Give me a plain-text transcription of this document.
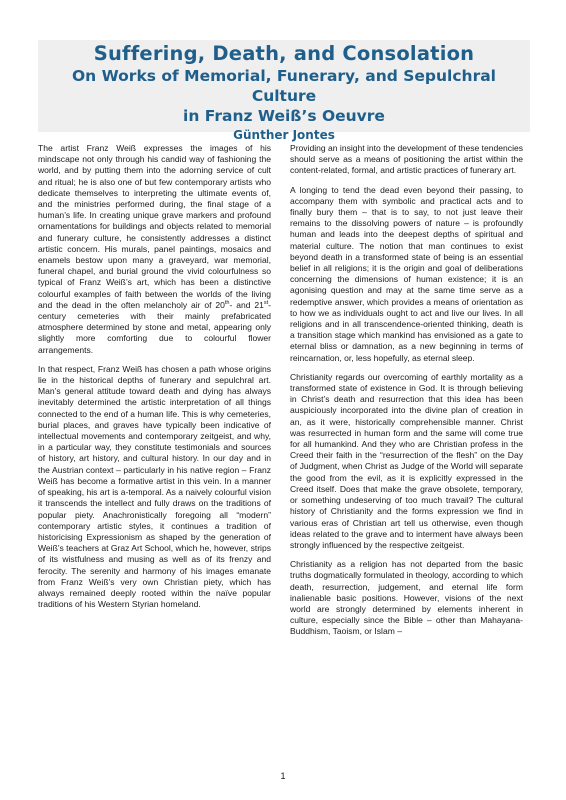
Suffering, Death, and Consolation
On Works of Memorial, Funerary, and Sepulchral Culture
in Franz Weiß’s Oeuvre
Günther Jontes

The artist Franz Weiß expresses the images of his mindscape not only through his candid way of fashioning the world, and by putting them into the adorning service of cult and ritual; he is also one of but few contemporary artists who dedicate themselves to interpreting the ultimate events of, and the ministries performed during, the final stage of a human’s life. In creating unique grave markers and profound ornamentations for buildings and objects related to memorial and funerary culture, he consistently addresses a distinct artistic concern. His murals, panel paintings, mosaics and enamels bestow upon many a graveyard, war memorial, funeral chapel, and burial ground the vivid colourfulness so typical of Franz Weiß’s art, which has been a distinctive colourful examples of faith between the worlds of the living and the dead in the often melancholy air of 20th- and 21st-century cemeteries with their mainly prefabricated atmosphere determined by stone and metal, appearing only slightly more comforting due to colourful flower arrangements.

In that respect, Franz Weiß has chosen a path whose origins lie in the historical depths of funerary and sepulchral art. Man’s general attitude toward death and dying has always inevitably determined the artistic interpretation of all things connected to the end of a human life. This is why cemeteries, burial places, and graves have typically been indicative of intellectual movements and contemporary zeitgeist, and why, in a particular way, they constitute testimonials and sources of history, art history, and cultural history. In our day and in the Austrian context – particularly in his native region – Franz Weiß has become a formative artist in this vein. In a manner of speaking, his art is a-temporal. As a naively colourful vision it transcends the intellect and fully draws on the traditions of popular piety. Anachronistically foregoing all “modern” contemporary artistic styles, it continues a tradition of historicising Expressionism as shaped by the generation of Weiß’s teachers at Graz Art School, which he, however, strips of its wistfulness and musing as well as of its frenzy and ferocity. The serenity and harmony of his images emanate from Franz Weiß’s very own Christian piety, which has always remained deeply rooted within the naïve popular traditions of his Western Styrian homeland.

Providing an insight into the development of these tendencies should serve as a means of positioning the artist within the content-related, formal, and artistic practices of funerary art.

A longing to tend the dead even beyond their passing, to accompany them with symbolic and practical acts and to finally bury them – that is to say, to not just leave their remains to the dissolving powers of nature – is profoundly human and leads into the deepest depths of spiritual and material culture. The notion that man continues to exist beyond death in a transformed state of being is an essential belief in all religions; it is the origin and goal of deliberations concerning the dimensions of human existence; it is an agonising question and may at the same time serve as a redemptive answer, which provides a means of orientation as to how we as individuals ought to act and live our lives. In all religions and in all transcendence-oriented thinking, death is a transition stage which mankind has envisioned as a gate to eternal bliss or damnation, as a new beginning in terms of reincarnation, or, less hopefully, as eternal sleep.

Christianity regards our overcoming of earthly mortality as a transformed state of existence in God. It is through believing in Christ’s death and resurrection that this idea has been auspiciously incorporated into the divine plan of creation in an, as it were, historically comprehensible manner. Christ was resurrected in human form and the same will come true for all humankind. And they who are Christian profess in the Creed their faith in the “resurrection of the flesh” on the Day of Judgment, when Christ as Judge of the World will separate the good from the evil, as it is explicitly expressed in the Creed itself. Does that make the grave obsolete, temporary, or something undeserving of too much travail? The cultural history of Christianity and the forms expression we find in various eras of Christian art tell us otherwise, even though ideas related to the grave and to interment have always been strongly influenced by the respective zeitgeist.

Christianity as a religion has not departed from the basic truths dogmatically formulated in theology, according to which death, resurrection, judgement, and eternal life form inalienable basic positions. However, visions of the next world are strongly determined by elements inherent in culture, especially since the Bible – other than Mahayana-Buddhism, Taoism, or Islam –

1
